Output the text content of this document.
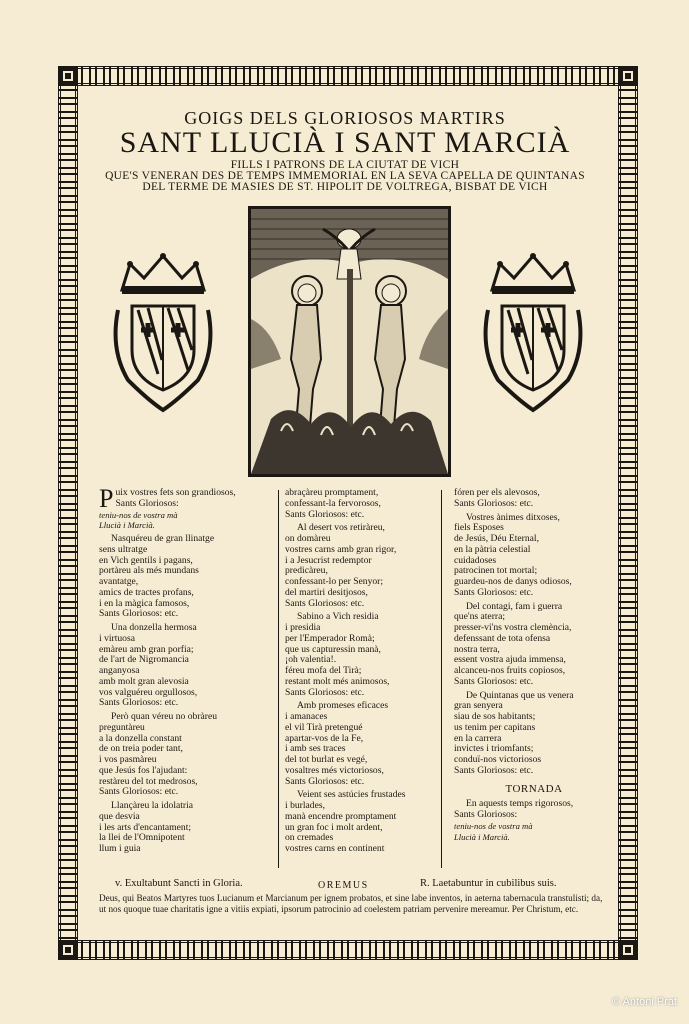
GOIGS DELS GLORIOSOS MARTIRS
SANT LLUCIÀ I SANT MARCIÀ
FILLS I PATRONS DE LA CIUTAT DE VICH
QUE'S VENERAN DES DE TEMPS IMMEMORIAL EN LA SEVA CAPELLA DE QUINTANAS
DEL TERME DE MASIES DE ST. HIPOLIT DE VOLTREGA, BISBAT DE VICH
Puix vostres fets son grandiosos,
Sants Gloriosos:
teniu-nos de vostra mà
Llucià i Marcià.
Nasquéreu de gran llinatge
sens ultratge
en Vich gentils i pagans,
portàreu als més mundans
avantatge,
amics de tractes profans,
i en la màgica famosos,
Sants Gloriosos: etc.
Una donzella hermosa
i virtuosa
emàreu amb gran porfia;
de l'art de Nigromancia
anganyosa
amb molt gran alevosia
vos valguéreu orgullosos,
Sants Gloriosos: etc.
Però quan véreu no obràreu
preguntàreu
a la donzella constant
de on treia poder tant,
i vos pasmàreu
que Jesús fos l'ajudant:
restàreu del tot medrosos,
Sants Gloriosos: etc.
Llançàreu la idolatria
que desvia
i les arts d'encantament;
la llei de l'Omnipotent
llum i guia
abraçàreu promptament,
confessant-la fervorosos,
Sants Gloriosos: etc.
Al desert vos retiràreu,
on domàreu
vostres carns amb gran rigor,
i a Jesucrist redemptor
predicàreu,
confessant-lo per Senyor;
del martiri desitjosos,
Sants Gloriosos: etc.
Sabino a Vich residia
i presidia
per l'Emperador Romà;
que us capturessin manà,
¡oh valentia!.
féreu mofa del Tirà;
restant molt més animosos,
Sants Gloriosos: etc.
Amb promeses eficaces
i amanaces
el vil Tirà pretengué
apartar-vos de la Fe,
i amb ses traces
del tot burlat es vegé,
vosaltres més victoriosos,
Sants Gloriosos: etc.
Veient ses astúcies frustades
i burlades,
manà encendre promptament
un gran foc i molt ardent,
on cremades
vostres carns en continent
fóren per els alevosos,
Sants Gloriosos: etc.
Vostres ànimes ditxoses,
fiels Esposes
de Jesús, Déu Eternal,
en la pàtria celestial
cuidadoses
patrocinen tot mortal;
guardeu-nos de danys odiosos,
Sants Gloriosos: etc.
Del contagi, fam i guerra
que'ns aterra;
presser-vi'ns vostra clemència,
defenssant de tota ofensa
nostra terra,
essent vostra ajuda immensa,
alcanceu-nos fruits copiosos,
Sants Gloriosos: etc.
De Quintanas que us venera
gran senyera
siau de sos habitants;
us tenim per capitans
en la carrera
invictes i triomfants;
conduï-nos victoriosos
Sants Gloriosos: etc.
TORNADA
En aquests temps rigorosos,
Sants Gloriosos:
teniu-nos de vostra mà
Llucià i Marcià.
v. Exultabunt Sancti in Gloria.	OREMUS	R. Laetabuntur in cubilibus suis.
Deus, qui Beatos Martyres tuos Lucianum et Marcianum per ignem probatos, et sine labe inventos, in aeterna tabernacula transtulisti; da, ut nos quoque tuae charitatis igne a vitiis expiati, ipsorum patrocinio ad coelestem patriam pervenire mereamur. Per Christum, etc.
© Antoni Prat
